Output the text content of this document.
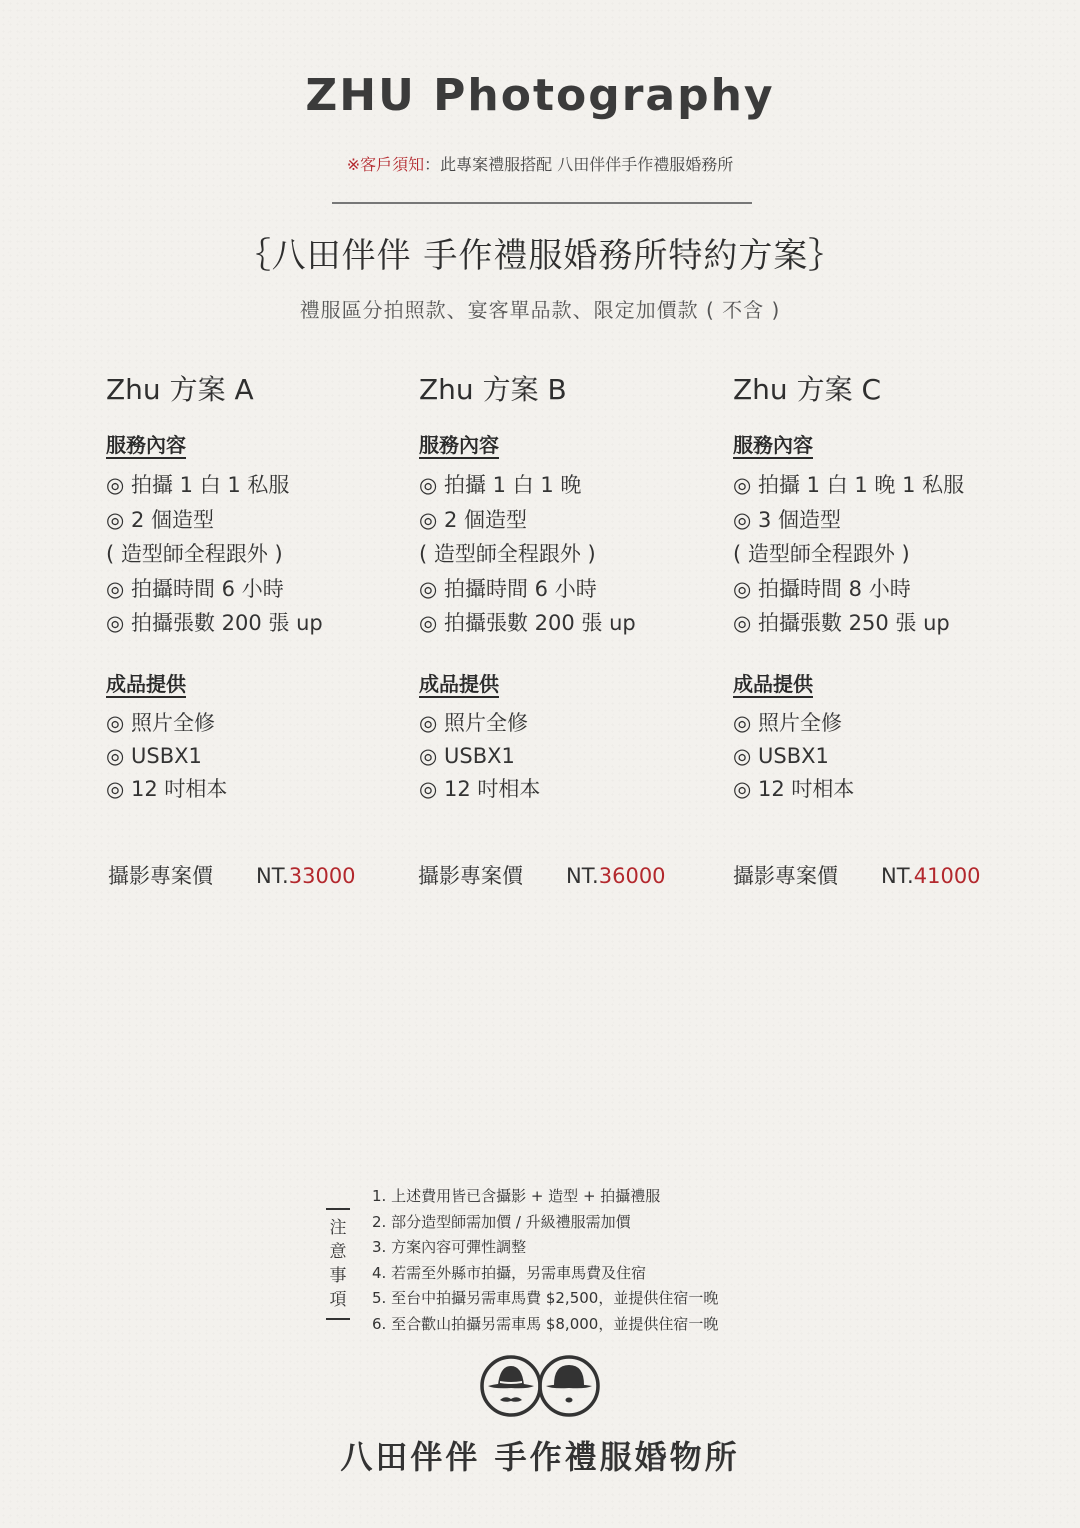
ZHU Photography
※客戶須知：此專案禮服搭配 八田伴伴手作禮服婚務所
｛八田伴伴 手作禮服婚務所特約方案｝
禮服區分拍照款、宴客單品款、限定加價款 ( 不含 )
Zhu 方案 A
服務內容
◎ 拍攝 1 白 1 私服
◎ 2 個造型
( 造型師全程跟外 )
◎ 拍攝時間 6 小時
◎ 拍攝張數 200 張 up
成品提供
◎ 照片全修
◎ USBX1
◎ 12 吋相本
攝影專案價 NT.33000
Zhu 方案 B
服務內容
◎ 拍攝 1 白 1 晚
◎ 2 個造型
( 造型師全程跟外 )
◎ 拍攝時間 6 小時
◎ 拍攝張數 200 張 up
成品提供
◎ 照片全修
◎ USBX1
◎ 12 吋相本
攝影專案價 NT.36000
Zhu 方案 C
服務內容
◎ 拍攝 1 白 1 晚 1 私服
◎ 3 個造型
( 造型師全程跟外 )
◎ 拍攝時間 8 小時
◎ 拍攝張數 250 張 up
成品提供
◎ 照片全修
◎ USBX1
◎ 12 吋相本
攝影專案價 NT.41000
注
意
事
項
1. 上述費用皆已含攝影 + 造型 + 拍攝禮服
2. 部分造型師需加價 / 升級禮服需加價
3. 方案內容可彈性調整
4. 若需至外縣市拍攝，另需車馬費及住宿
5. 至台中拍攝另需車馬費 $2,500，並提供住宿一晚
6. 至合歡山拍攝另需車馬 $8,000，並提供住宿一晚
八田伴伴 手作禮服婚物所
